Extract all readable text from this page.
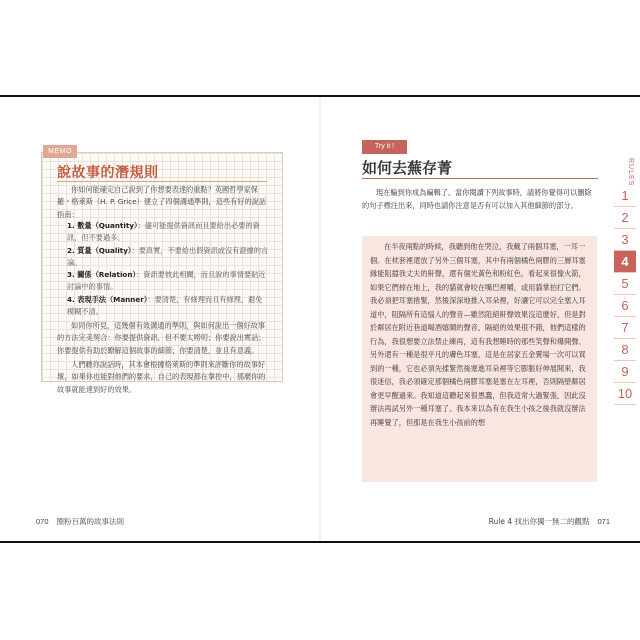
MEMO
說故事的潛規則

你如何能確定自己說到了你想要表達的重點？英國哲學家保羅・格萊斯（H. P. Grice）建立了四個溝通準則，這些有好的說話指南：

1. 數量（Quantity）：儘可能提供資訊而且要給出必要的資訊，但不要過多。
2. 質量（Quality）：要真實，不要給出假資訊或沒有證據的言論。
3. 關係（Relation）：資訊要彼此相關，而且說的事情要貼近討論中的事情。
4. 表現手法（Manner）：要清楚，有條理而且有條理，避免模糊不清。

如同你所見，這幾個有效溝通的準則，與如何說出一個好故事的方法完美契合：你要提供資訊，但不要太嘮叨；你要說出實話；你要提供有助於瞭解這個故事的細節；你要清楚，並且有意義。

人們聽你說話時，其本會根據格萊斯的準則來評斷你的故事好壞，如果你也能對他們的要求，自己的表現都在掌控中，那麼你的故事就能達到好的效果。

070 圈粉百萬的故事法則
Try it !
如何去蕪存菁

現在輪到你成為編輯了。當你閱讀下列故事時，請將你覺得可以刪除的句子標注出來，同時也請你注意是否有可以加入其他細節的部分。

在半夜兩點的時候，我聽到他在哭泣，我戴了兩個耳塞，一耳一個。在枕套裡還放了另外三個耳塞，其中有兩個橘色兩膠的三層耳塞緣能阻擋我丈夫的鼾聲，還有個光黃色和粉紅色，看起來很像火箭，如果它們掉在地上，我的貓就會咬在嘴巴裡嚼，或用貓掌拍打它們。我必須把耳塞捲緊，然後深深地推入耳朵裡，好讓它可以完全塞入耳道中，阻隔所有這惱人的聲音—雖然阻絕鼾聲效果沒這麼好，但是對於鄰居在附近巷道喝酒嬉鬧的聲音，隔絕的效果很不錯，他們這樣的行為，我很想要立法禁止練再，這有我想睡時的那些笑聲和爆開聲。另外還有一種是很平凡的膚色耳塞，這是在居家五金賣場一次可以買到的一種，它也必須先揉緊然後塞進耳朵裡等它膨脹好伸展開來，我很迷信，我必須確定那個橘色兩膠耳塞是塞在左耳裡，否則隔壁鄰居會更早醒過來。我知道這聽起來很愚蠢，但我這常大過緊張，因此沒辦法再試另外一種耳塞了。我本來以為有在我生小孩之後我就沒辦法再睡覺了，但那是在我生小孩前的想

RULES
1
2
3
4
5
6
7
8
9
10
Rule 4 找出你獨一無二的觀點 071
